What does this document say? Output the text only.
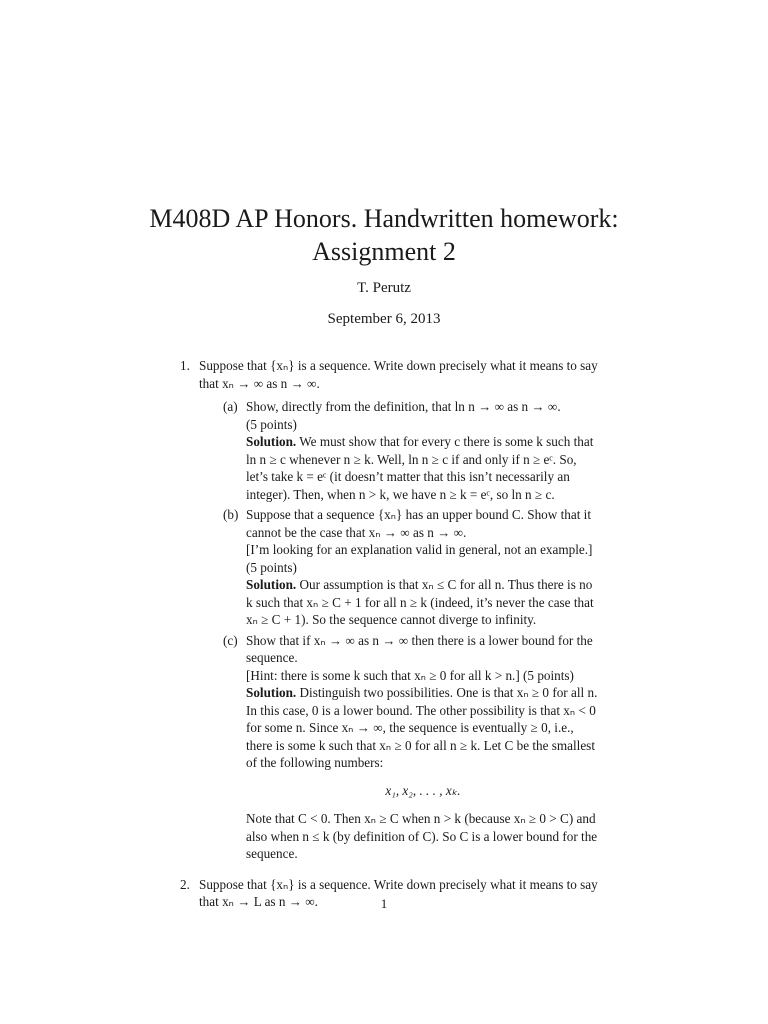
M408D AP Honors. Handwritten homework:
Assignment 2
T. Perutz
September 6, 2013
1. Suppose that {xₙ} is a sequence. Write down precisely what it means to say that xₙ → ∞ as n → ∞.

(a) Show, directly from the definition, that ln n → ∞ as n → ∞.

(5 points)

Solution. We must show that for every c there is some k such that ln n ≥ c whenever n ≥ k. Well, ln n ≥ c if and only if n ≥ eᶜ. So, let’s take k = eᶜ (it doesn’t matter that this isn’t necessarily an integer). Then, when n > k, we have n ≥ k = eᶜ, so ln n ≥ c.

(b) Suppose that a sequence {xₙ} has an upper bound C. Show that it cannot be the case that xₙ → ∞ as n → ∞.

[I’m looking for an explanation valid in general, not an example.]

(5 points)

Solution. Our assumption is that xₙ ≤ C for all n. Thus there is no k such that xₙ ≥ C + 1 for all n ≥ k (indeed, it’s never the case that xₙ ≥ C + 1). So the sequence cannot diverge to infinity.

(c) Show that if xₙ → ∞ as n → ∞ then there is a lower bound for the sequence.

[Hint: there is some k such that xₙ ≥ 0 for all k > n.] (5 points)

Solution. Distinguish two possibilities. One is that xₙ ≥ 0 for all n. In this case, 0 is a lower bound. The other possibility is that xₙ < 0 for some n. Since xₙ → ∞, the sequence is eventually ≥ 0, i.e., there is some k such that xₙ ≥ 0 for all n ≥ k. Let C be the smallest of the following numbers:

x₁, x₂, . . . , xₖ.

Note that C < 0. Then xₙ ≥ C when n > k (because xₙ ≥ 0 > C) and also when n ≤ k (by definition of C). So C is a lower bound for the sequence.

2. Suppose that {xₙ} is a sequence. Write down precisely what it means to say that xₙ → L as n → ∞.	1
